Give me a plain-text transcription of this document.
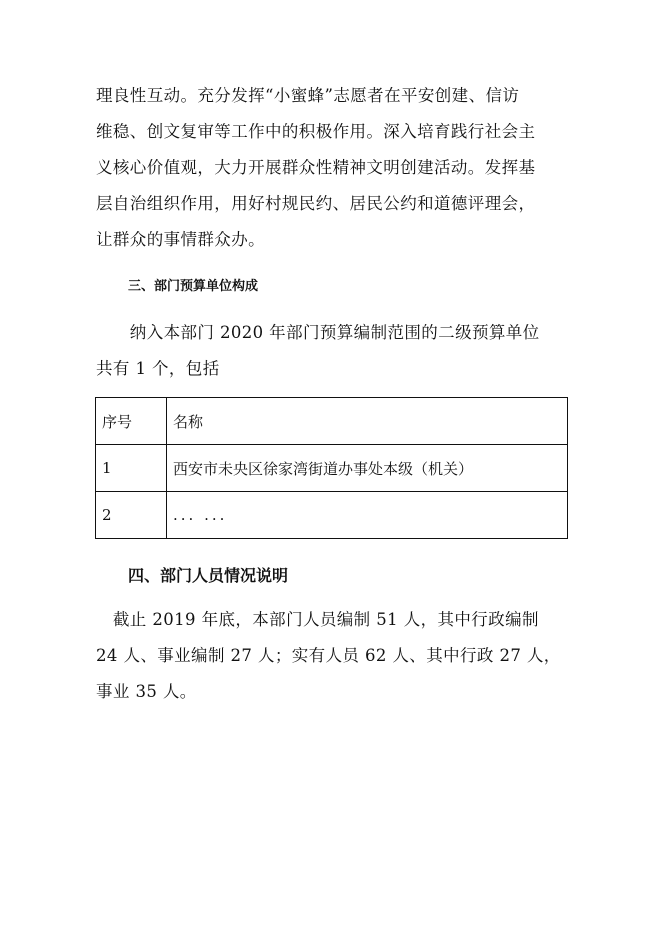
理良性互动。充分发挥“小蜜蜂”志愿者在平安创建、信访
维稳、创文复审等工作中的积极作用。深入培育践行社会主
义核心价值观，大力开展群众性精神文明创建活动。发挥基
层自治组织作用，用好村规民约、居民公约和道德评理会，
让群众的事情群众办。
三、部门预算单位构成
　　纳入本部门 2020 年部门预算编制范围的二级预算单位
共有 1 个，包括
序号	名称
1	西安市未央区徐家湾街道办事处本级（机关）
2	... ...
四、部门人员情况说明
　截止 2019 年底，本部门人员编制 51 人，其中行政编制
24 人、事业编制 27 人；实有人员 62 人、其中行政 27 人，
事业 35 人。
